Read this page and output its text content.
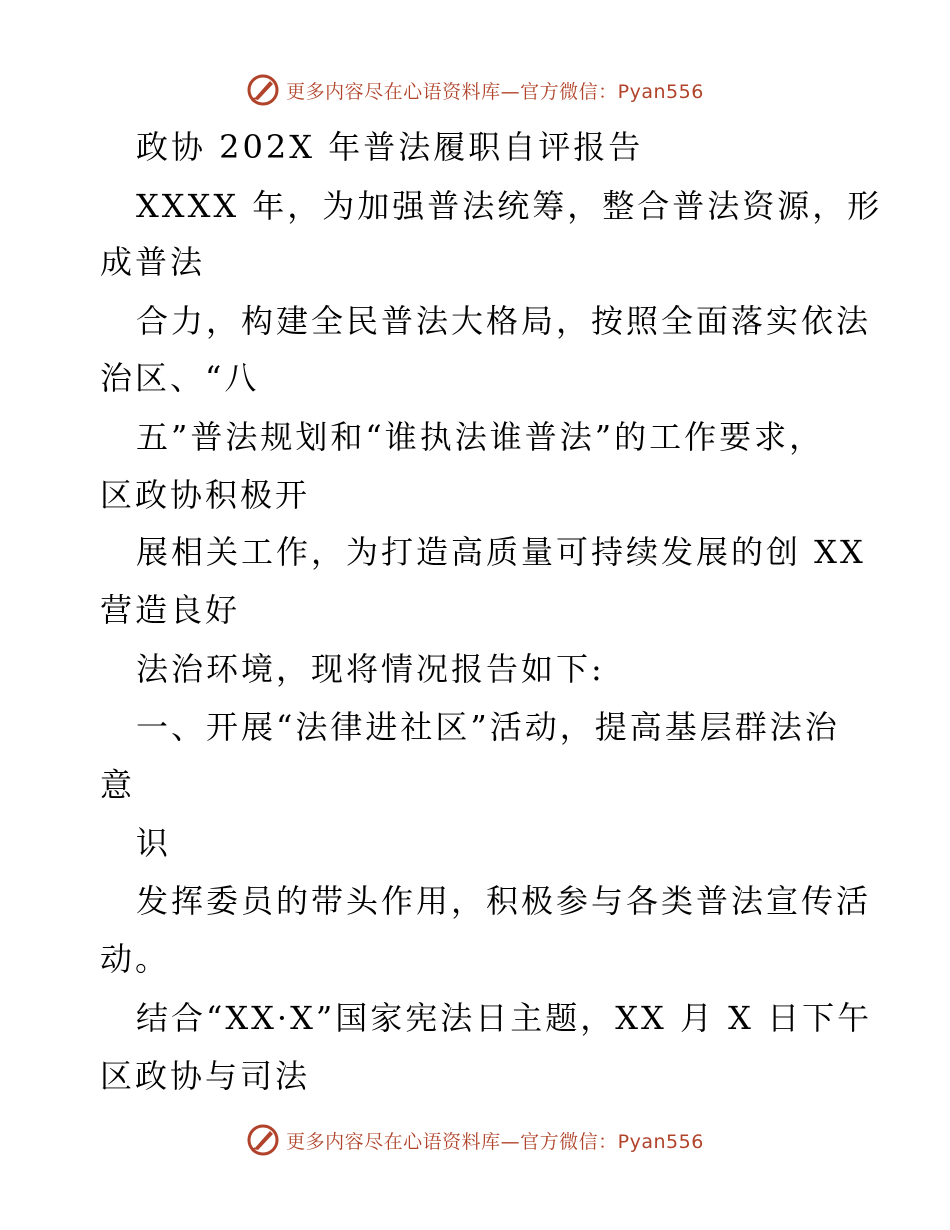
更多内容尽在心语资料库—官方微信：Pyan556
政协 202X 年普法履职自评报告
XXXX 年，为加强普法统筹，整合普法资源，形
成普法
合力，构建全民普法大格局，按照全面落实依法
治区、“八
五”普法规划和“谁执法谁普法”的工作要求，
区政协积极开
展相关工作，为打造高质量可持续发展的创 XX
营造良好
法治环境，现将情况报告如下:
一、开展“法律进社区”活动，提高基层群法治
意
识
发挥委员的带头作用，积极参与各类普法宣传活
动。
结合“XX·X”国家宪法日主题，XX 月 X 日下午
区政协与司法
更多内容尽在心语资料库—官方微信：Pyan556
